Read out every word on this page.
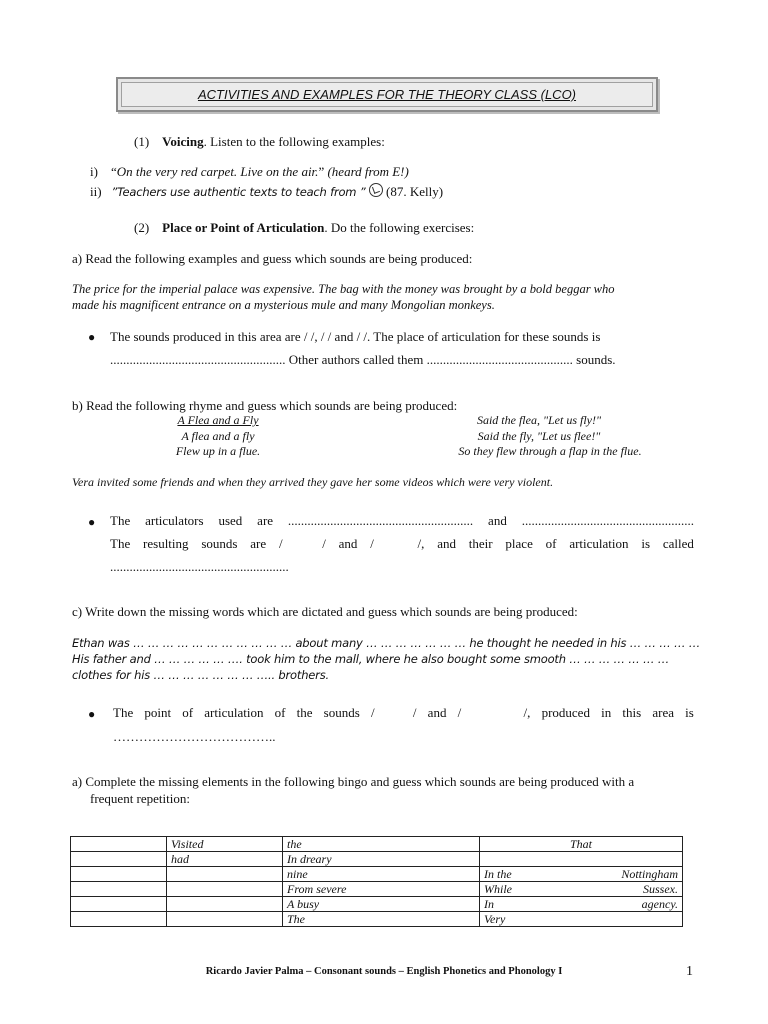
ACTIVITIES AND EXAMPLES FOR THE THEORY CLASS (LCO)
(1) Voicing. Listen to the following examples:
i) “On the very red carpet. Live on the air.” (heard from E!)
ii) ”Teachers use authentic texts to teach from ”  (87. Kelly)
(2) Place or Point of Articulation. Do the following exercises:
a) Read the following examples and guess which sounds are being produced:
The price for the imperial palace was expensive. The bag with the money was brought by a bold beggar who
made his magnificent entrance on a mysterious mule and many Mongolian monkeys.
● The sounds produced in this area are / /, / / and / /. The place of articulation for these sounds is
...................................................... Other authors called them ............................................. sounds.
b) Read the following rhyme and guess which sounds are being produced:
A Flea and a Fly
A flea and a fly
Flew up in a flue.
Said the flea, "Let us fly!"
Said the fly, "Let us flee!"
So they flew through a flap in the flue.
Vera invited some friends and when they arrived they gave her some videos which were very violent.
● The articulators used are ......................................................... and .....................................................
The resulting sounds are /	/ and /	/, and their place of articulation is called
.......................................................
c) Write down the missing words which are dictated and guess which sounds are being produced:
Ethan was … … … … … … … … … … … about many … … … … … … … he thought he needed in his … … … … …
His father and … … … … … …. took him to the mall, where he also bought some smooth … … … … … … …
clothes for his … … … … … … … ….. brothers.
● The point of articulation of the sounds /	/ and /	/, produced in this area is
………………………………..
a) Complete the missing elements in the following bingo and guess which sounds are being produced with a
frequent repetition:
	Visited	the	That
	had	In dreary	
		nine	In the Nottingham

		From severe	While Sussex.

		A busy	In agency.

		The	Very
Ricardo Javier Palma – Consonant sounds – English Phonetics and Phonology I	1
